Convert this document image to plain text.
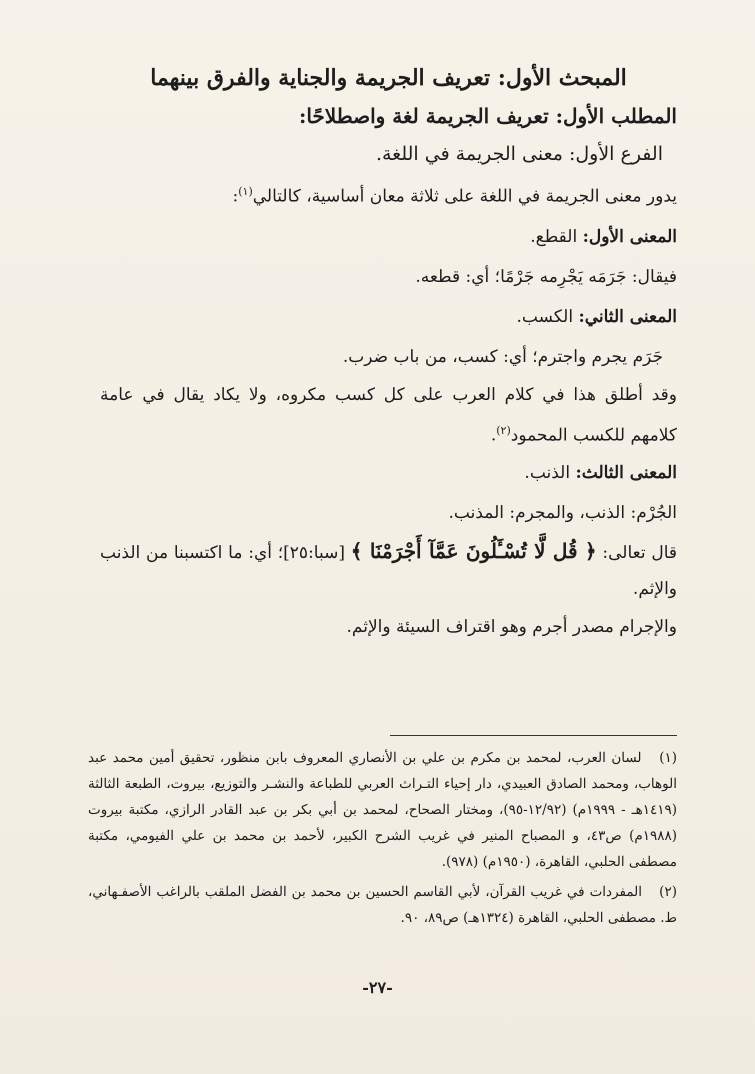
المبحث الأول: تعريف الجريمة والجناية والفرق بينهما

المطلب الأول: تعريف الجريمة لغة واصطلاحًا:

الفرع الأول: معنى الجريمة في اللغة.

يدور معنى الجريمة في اللغة على ثلاثة معان أساسية، كالتالي$^{(١)}$:

المعنى الأول: القطع.

فيقال: جَرَمَه يَجْرِمه جَرْمًا؛ أي: قطعه.

المعنى الثاني: الكسب.

جَرَم يجرم واجترم؛ أي: كسب، من باب ضرب.

وقد أطلق هذا في كلام العرب على كل كسب مكروه، ولا يكاد يقال في عامة كلامهم للكسب المحمود$^{(٢)}$.

المعنى الثالث: الذنب.

الجُرْم: الذنب، والمجرم: المذنب.

قال تعالى: ﴿ قُل لَّا تُسْـَٔلُونَ عَمَّآ أَجْرَمْنَا ﴾ [سبا:٢٥]؛ أي: ما اكتسبنا من الذنب والإثم.

والإجرام مصدر أجرم وهو اقتراف السيئة والإثم.

(١) لسان العرب، لمحمد بن مكرم بن علي بن الأنصاري المعروف بابن منظور، تحقيق أمين محمد عبد الوهاب، ومحمد الصادق العبيدي، دار إحياء التـراث العربي للطباعة والنشـر والتوزيع، بيروت، الطبعة الثالثة (١٤١٩هـ - ١٩٩٩م) (١٢/٩٢-٩٥)، ومختار الصحاح، لمحمد بن أبي بكر بن عبد القادر الرازي، مكتبة بيروت (١٩٨٨م) ص٤٣، و المصباح المنير في غريب الشرح الكبير، لأحمد بن محمد بن علي الفيومي، مكتبة مصطفى الحلبي، القاهرة، (١٩٥٠م) (٩٧٨).

(٢) المفردات في غريب القرآن، لأبي القاسم الحسين بن محمد بن الفضل الملقب بالراغب الأصفـهاني، ط. مصطفى الحلبي، القاهرة (١٣٢٤هـ) ص٨٩، ٩٠.

-٢٧-
